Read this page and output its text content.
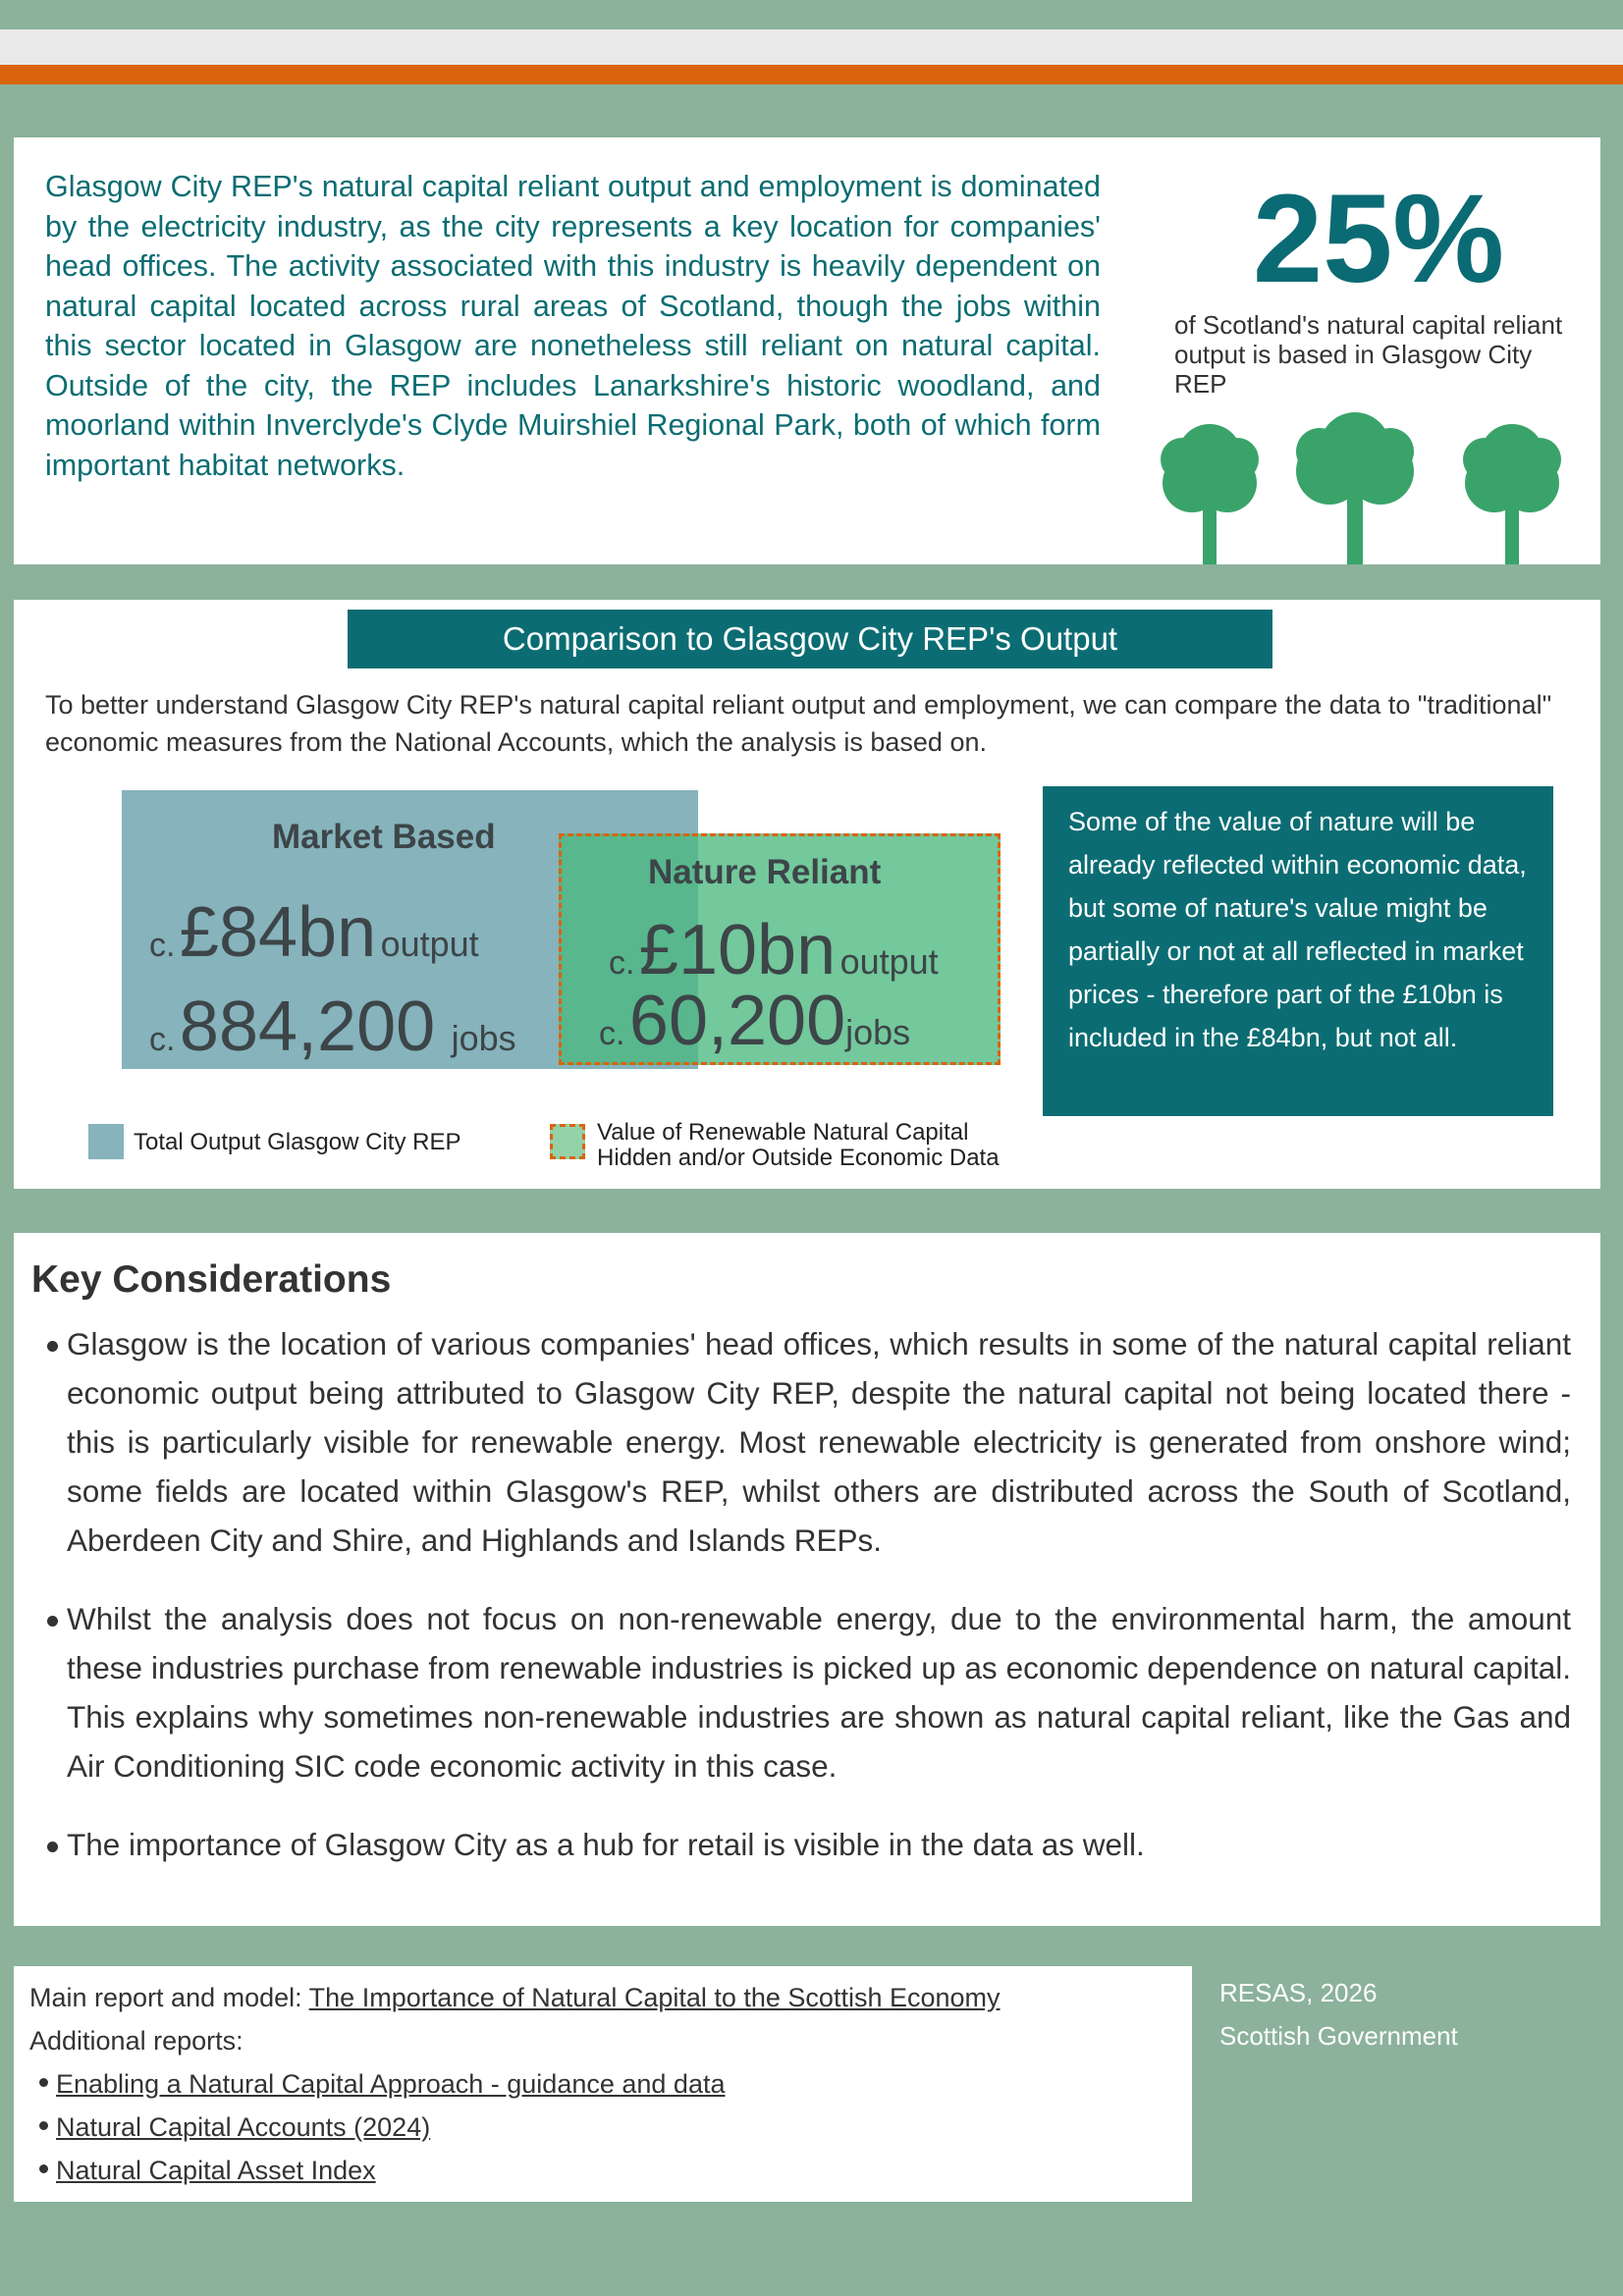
Glasgow City REP's natural capital reliant output and employment is dominated by the electricity industry, as the city represents a key location for companies' head offices. The activity associated with this industry is heavily dependent on natural capital located across rural areas of Scotland, though the jobs within this sector located in Glasgow are nonetheless still reliant on natural capital. Outside of the city, the REP includes Lanarkshire's historic woodland, and moorland within Inverclyde's Clyde Muirshiel Regional Park, both of which form important habitat networks.
25%
of Scotland's natural capital reliant output is based in Glasgow City REP
Comparison to Glasgow City REP's Output
To better understand Glasgow City REP's natural capital reliant output and employment, we can compare the data to "traditional" economic measures from the National Accounts, which the analysis is based on.
Market Based
c. £84bn output
c. 884,200 jobs
Nature Reliant
c. £10bn output
c. 60,200jobs
Some of the value of nature will be already reflected within economic data, but some of nature's value might be partially or not at all reflected in market prices - therefore part of the £10bn is included in the £84bn, but not all.
Total Output Glasgow City REP	Value of Renewable Natural Capital
Hidden and/or Outside Economic Data
Key Considerations
Glasgow is the location of various companies' head offices, which results in some of the natural capital reliant economic output being attributed to Glasgow City REP, despite the natural capital not being located there - this is particularly visible for renewable energy. Most renewable electricity is generated from onshore wind; some fields are located within Glasgow's REP, whilst others are distributed across the South of Scotland, Aberdeen City and Shire, and Highlands and Islands REPs.
Whilst the analysis does not focus on non-renewable energy, due to the environmental harm, the amount these industries purchase from renewable industries is picked up as economic dependence on natural capital. This explains why sometimes non-renewable industries are shown as natural capital reliant, like the Gas and Air Conditioning SIC code economic activity in this case.
The importance of Glasgow City as a hub for retail is visible in the data as well.
Main report and model: The Importance of Natural Capital to the Scottish Economy
Additional reports:
Enabling a Natural Capital Approach - guidance and data
Natural Capital Accounts (2024)
Natural Capital Asset Index
RESAS, 2026
Scottish Government
